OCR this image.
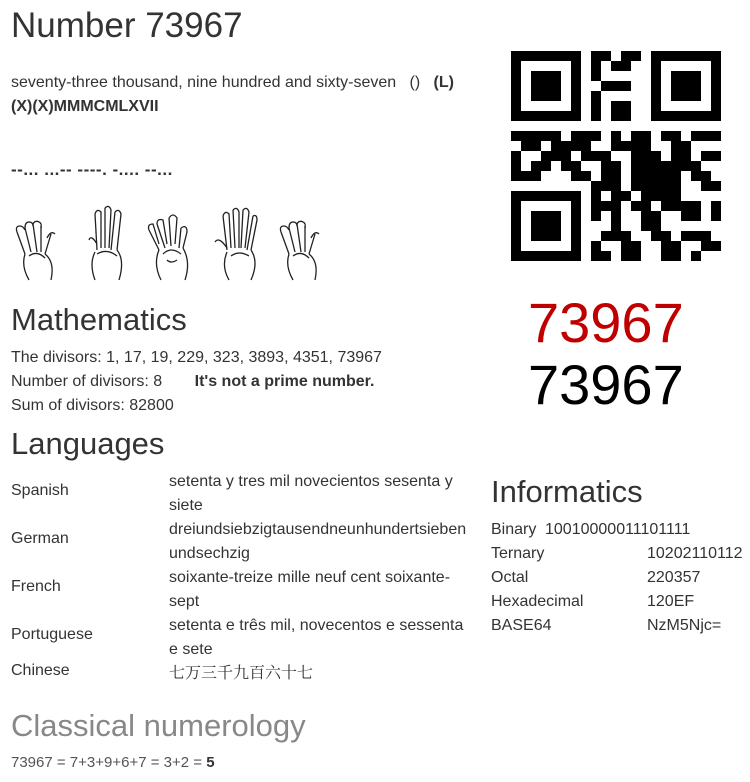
Number 73967
seventy-three thousand, nine hundred and sixty-seven () (L)
(X)(X)MMMCMLXVII
--... ...-- ----. -.... --...
73967
73967
Mathematics
The divisors: 1, 17, 19, 229, 323, 3893, 4351, 73967
Number of divisors: 8 It's not a prime number.
Sum of divisors: 82800
Languages
Spanish
setenta y tres mil novecientos sesenta y siete
German
dreiundsiebzigtausendneunhundertsiebenundsechzig
French
soixante-treize mille neuf cent soixante-sept
Portuguese
setenta e três mil, novecentos e sessenta e sete
Chinese	七万三千九百六十七
Informatics
Binary 10010000011101111
Ternary	10202110112
Octal	220357
Hexadecimal	120EF
BASE64	NzM5Njc=
Classical numerology
73967 = 7+3+9+6+7 = 3+2 = 5
